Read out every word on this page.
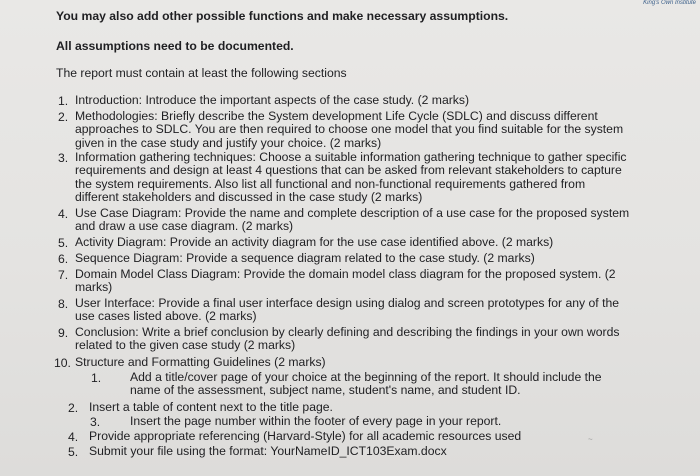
King's Own Institute
You may also add other possible functions and make necessary assumptions.
All assumptions need to be documented.
The report must contain at least the following sections
1. Introduction: Introduce the important aspects of the case study. (2 marks)
2. Methodologies: Briefly describe the System development Life Cycle (SDLC) and discuss different
approaches to SDLC. You are then required to choose one model that you find suitable for the system
given in the case study and justify your choice. (2 marks)
3. Information gathering techniques: Choose a suitable information gathering technique to gather specific
requirements and design at least 4 questions that can be asked from relevant stakeholders to capture
the system requirements. Also list all functional and non-functional requirements gathered from
different stakeholders and discussed in the case study (2 marks)
4. Use Case Diagram: Provide the name and complete description of a use case for the proposed system
and draw a use case diagram. (2 marks)
5. Activity Diagram: Provide an activity diagram for the use case identified above. (2 marks)
6. Sequence Diagram: Provide a sequence diagram related to the case study. (2 marks)
7. Domain Model Class Diagram: Provide the domain model class diagram for the proposed system. (2
marks)
8. User Interface: Provide a final user interface design using dialog and screen prototypes for any of the
use cases listed above. (2 marks)
9. Conclusion: Write a brief conclusion by clearly defining and describing the findings in your own words
related to the given case study (2 marks)
10. Structure and Formatting Guidelines (2 marks)
1. Add a title/cover page of your choice at the beginning of the report. It should include the
name of the assessment, subject name, student's name, and student ID.
2. Insert a table of content next to the title page.
3. Insert the page number within the footer of every page in your report.
4. Provide appropriate referencing (Harvard-Style) for all academic resources used
5. Submit your file using the format: YourNameID_ICT103Exam.docx
~
